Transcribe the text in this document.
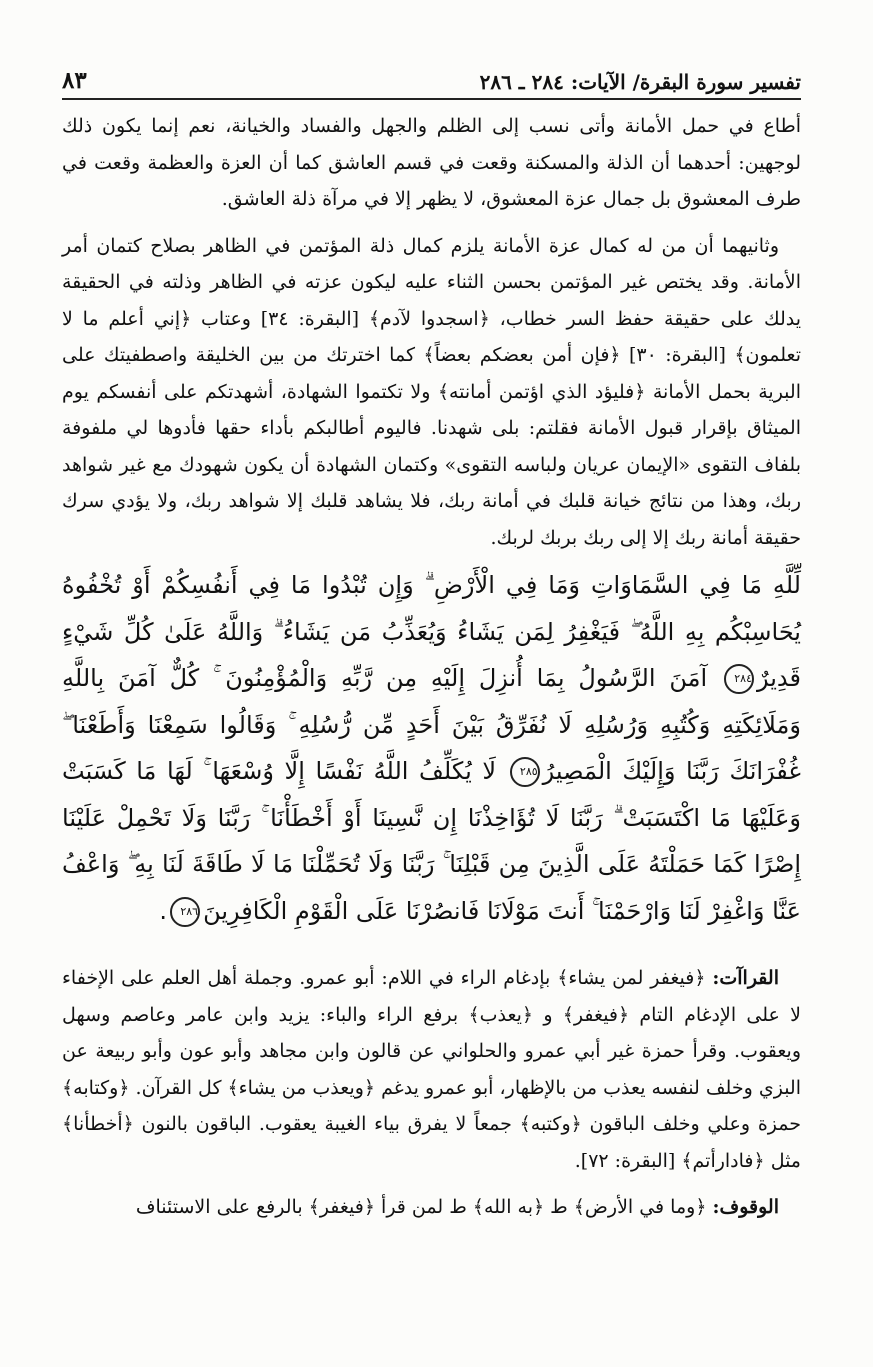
٨٣	تفسير سورة البقرة/ الآيات: ٢٨٤ ـ ٢٨٦

أطاع في حمل الأمانة وأتى نسب إلى الظلم والجهل والفساد والخيانة، نعم إنما يكون ذلك لوجهين: أحدهما أن الذلة والمسكنة وقعت في قسم العاشق كما أن العزة والعظمة وقعت في طرف المعشوق بل جمال عزة المعشوق، لا يظهر إلا في مرآة ذلة العاشق.

وثانيهما أن من له كمال عزة الأمانة يلزم كمال ذلة المؤتمن في الظاهر بصلاح كتمان أمر الأمانة. وقد يختص غير المؤتمن بحسن الثناء عليه ليكون عزته في الظاهر وذلته في الحقيقة يدلك على حقيقة حفظ السر خطاب، ﴿اسجدوا لآدم﴾ [البقرة: ٣٤] وعتاب ﴿إني أعلم ما لا تعلمون﴾ [البقرة: ٣٠] ﴿فإن أمن بعضكم بعضاً﴾ كما اخترتك من بين الخليقة واصطفيتك على البرية بحمل الأمانة ﴿فليؤد الذي اؤتمن أمانته﴾ ولا تكتموا الشهادة، أشهدتكم على أنفسكم يوم الميثاق بإقرار قبول الأمانة فقلتم: بلى شهدنا. فاليوم أطالبكم بأداء حقها فأدوها لي ملفوفة بلفاف التقوى «الإيمان عريان ولباسه التقوى» وكتمان الشهادة أن يكون شهودك مع غير شواهد ربك، وهذا من نتائج خيانة قلبك في أمانة ربك، فلا يشاهد قلبك إلا شواهد ربك، ولا يؤدي سرك حقيقة أمانة ربك إلا إلى ربك بربك لربك.

لِّلَّهِ مَا فِي السَّمَاوَاتِ وَمَا فِي الْأَرْضِ ۗ وَإِن تُبْدُوا مَا فِي أَنفُسِكُمْ أَوْ تُخْفُوهُ يُحَاسِبْكُم بِهِ اللَّهُ ۖ فَيَغْفِرُ لِمَن يَشَاءُ وَيُعَذِّبُ مَن يَشَاءُ ۗ وَاللَّهُ عَلَىٰ كُلِّ شَيْءٍ قَدِيرٌ٢٨٤ آمَنَ الرَّسُولُ بِمَا أُنزِلَ إِلَيْهِ مِن رَّبِّهِ وَالْمُؤْمِنُونَ ۚ كُلٌّ آمَنَ بِاللَّهِ وَمَلَائِكَتِهِ وَكُتُبِهِ وَرُسُلِهِ لَا نُفَرِّقُ بَيْنَ أَحَدٍ مِّن رُّسُلِهِ ۚ وَقَالُوا سَمِعْنَا وَأَطَعْنَا ۖ غُفْرَانَكَ رَبَّنَا وَإِلَيْكَ الْمَصِيرُ٢٨٥ لَا يُكَلِّفُ اللَّهُ نَفْسًا إِلَّا وُسْعَهَا ۚ لَهَا مَا كَسَبَتْ وَعَلَيْهَا مَا اكْتَسَبَتْ ۗ رَبَّنَا لَا تُؤَاخِذْنَا إِن نَّسِينَا أَوْ أَخْطَأْنَا ۚ رَبَّنَا وَلَا تَحْمِلْ عَلَيْنَا إِصْرًا كَمَا حَمَلْتَهُ عَلَى الَّذِينَ مِن قَبْلِنَا ۚ رَبَّنَا وَلَا تُحَمِّلْنَا مَا لَا طَاقَةَ لَنَا بِهِ ۖ وَاعْفُ عَنَّا وَاغْفِرْ لَنَا وَارْحَمْنَا ۚ أَنتَ مَوْلَانَا فَانصُرْنَا عَلَى الْقَوْمِ الْكَافِرِينَ٢٨٦.

القراآت: ﴿فيغفر لمن يشاء﴾ بإدغام الراء في اللام: أبو عمرو. وجملة أهل العلم على الإخفاء لا على الإدغام التام ﴿فيغفر﴾ و ﴿يعذب﴾ برفع الراء والباء: يزيد وابن عامر وعاصم وسهل ويعقوب. وقرأ حمزة غير أبي عمرو والحلواني عن قالون وابن مجاهد وأبو عون وأبو ربيعة عن البزي وخلف لنفسه يعذب من بالإظهار، أبو عمرو يدغم ﴿ويعذب من يشاء﴾ كل القرآن. ﴿وكتابه﴾ حمزة وعلي وخلف الباقون ﴿وكتبه﴾ جمعاً لا يفرق بياء الغيبة يعقوب. الباقون بالنون ﴿أخطأنا﴾ مثل ﴿فادارأتم﴾ [البقرة: ٧٢].

الوقوف: ﴿وما في الأرض﴾ ط ﴿به الله﴾ ط لمن قرأ ﴿فيغفر﴾ بالرفع على الاستئناف
